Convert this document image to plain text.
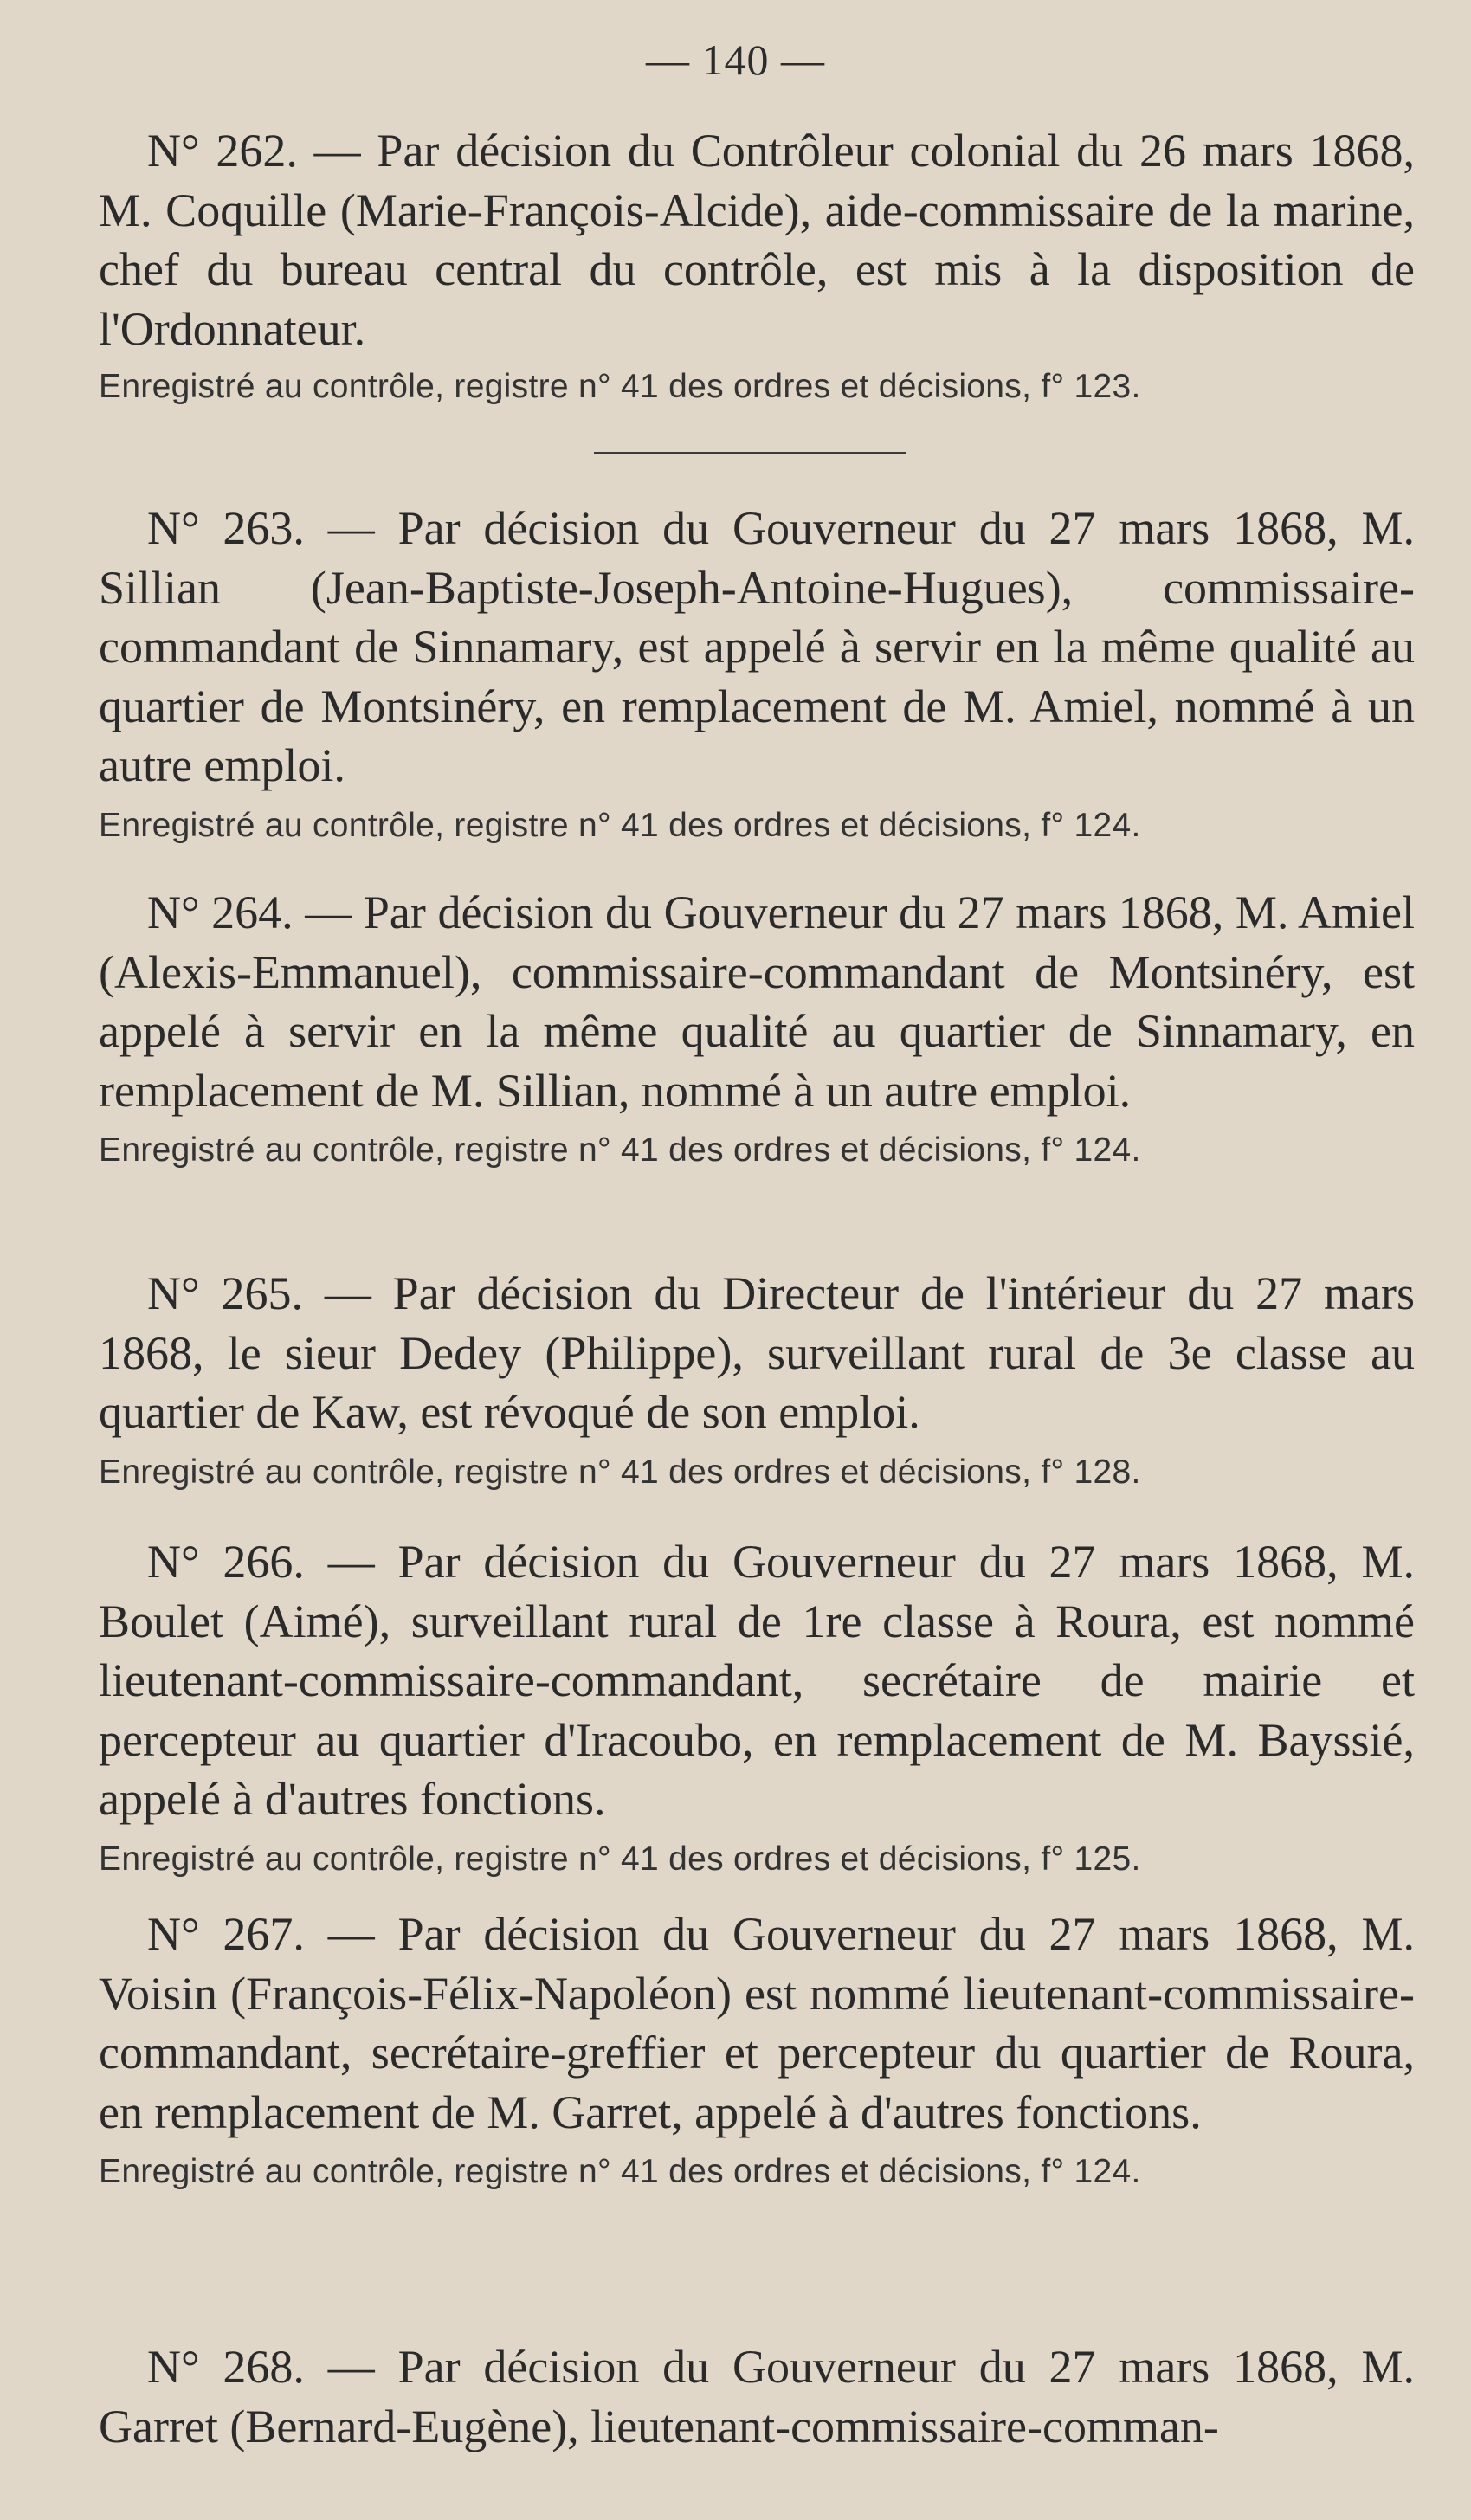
— 140 —

N° 262. — Par décision du Contrôleur colonial du 26 mars 1868, M. Coquille (Marie-François-Alcide), aide-commissaire de la marine, chef du bureau central du contrôle, est mis à la disposition de l'Ordonnateur.

Enregistré au contrôle, registre n° 41 des ordres et décisions, f° 123.

N° 263. — Par décision du Gouverneur du 27 mars 1868, M. Sillian (Jean-Baptiste-Joseph-Antoine-Hugues), commissaire-commandant de Sinnamary, est appelé à servir en la même qualité au quartier de Montsinéry, en remplacement de M. Amiel, nommé à un autre emploi.

Enregistré au contrôle, registre n° 41 des ordres et décisions, f° 124.

N° 264. — Par décision du Gouverneur du 27 mars 1868, M. Amiel (Alexis-Emmanuel), commissaire-commandant de Montsinéry, est appelé à servir en la même qualité au quartier de Sinnamary, en remplacement de M. Sillian, nommé à un autre emploi.

Enregistré au contrôle, registre n° 41 des ordres et décisions, f° 124.

N° 265. — Par décision du Directeur de l'intérieur du 27 mars 1868, le sieur Dedey (Philippe), surveillant rural de 3e classe au quartier de Kaw, est révoqué de son emploi.

Enregistré au contrôle, registre n° 41 des ordres et décisions, f° 128.

N° 266. — Par décision du Gouverneur du 27 mars 1868, M. Boulet (Aimé), surveillant rural de 1re classe à Roura, est nommé lieutenant-commissaire-commandant, secrétaire de mairie et percepteur au quartier d'Iracoubo, en remplacement de M. Bayssié, appelé à d'autres fonctions.

Enregistré au contrôle, registre n° 41 des ordres et décisions, f° 125.

N° 267. — Par décision du Gouverneur du 27 mars 1868, M. Voisin (François-Félix-Napoléon) est nommé lieutenant-commissaire-commandant, secrétaire-greffier et percepteur du quartier de Roura, en remplacement de M. Garret, appelé à d'autres fonctions.

Enregistré au contrôle, registre n° 41 des ordres et décisions, f° 124.

N° 268. — Par décision du Gouverneur du 27 mars 1868, M. Garret (Bernard-Eugène), lieutenant-commissaire-comman-
